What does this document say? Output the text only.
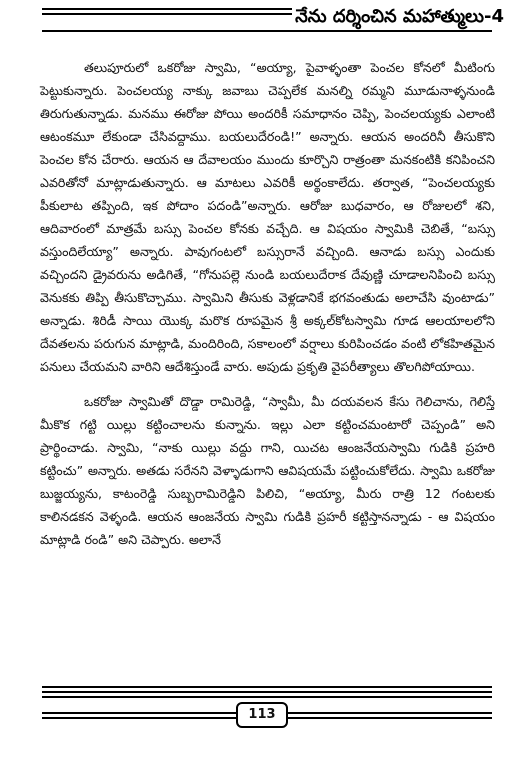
నేను దర్శించిన మహాత్ములు-4

తలుపూరులో ఒకరోజు స్వామి, “అయ్యా, పైవాళ్ళంతా పెంచల కోనలో మీటింగు పెట్టుకున్నారు. పెంచలయ్య నాక్కు జవాబు చెప్పలేక మనల్ని రమ్మని మూడునాళ్ళనుండి తిరుగుతున్నాడు. మనము ఈరోజు పోయి అందరికీ సమాధానం చెప్పి, పెంచలయ్యకు ఎలాంటి ఆటంకమూ లేకుండా చేసివద్దాము. బయలుదేరండి!” అన్నారు. ఆయన అందరినీ తీసుకొని పెంచల కోన చేరారు. ఆయన ఆ దేవాలయం ముందు కూర్చొని రాత్రంతా మనకంటికి కనిపించని ఎవరితోనో మాట్లాడుతున్నారు. ఆ మాటలు ఎవరికీ అర్థంకాలేదు. తర్వాత, “పెంచలయ్యకు పీకులాట తప్పింది, ఇక పోదాం పదండి”అన్నారు. ఆరోజు బుధవారం, ఆ రోజులలో శని, ఆదివారంలో మాత్రమే బస్సు పెంచల కోనకు వచ్చేది. ఆ విషయం స్వామికి చెబితే, “బస్సు వస్తుందిలేయ్యా” అన్నారు. పావుగంటలో బస్సురానే వచ్చింది. ఆనాడు బస్సు ఎందుకు వచ్చిందని డ్రైవరును అడిగితే, “గోనుపల్లె నుండి బయలుదేరాక దేవుణ్ణి చూడాలనిపించి బస్సు వెనుకకు తిప్పి తీసుకొచ్చాము. స్వామిని తీసుకు వెళ్లడానికే భగవంతుడు అలాచేసి వుంటాడు” అన్నాడు. శిరిడీ సాయి యొక్క మరొక రూపమైన శ్రీ అక్కల్‌కోటస్వామి గూడ ఆలయాలలోని దేవతలను పరుగున మాట్లాడి, మందిరింది, సకాలంలో వర్షాలు కురిపించడం వంటి లోకహితమైన పనులు చేయమని వారిని ఆదేశిస్తుండే వారు. అపుడు ప్రకృతి వైపరీత్యాలు తొలగిపోయాయి.

ఒకరోజు స్వామితో దొడ్డా రామిరెడ్డి, “స్వామీ, మీ దయవలన కేసు గెలిచాను, గెలిస్తే మీకొక గట్టి యిల్లు కట్టించాలను కున్నాను. ఇల్లు ఎలా కట్టించమంటారో చెప్పండి” అని ప్రార్థించాడు. స్వామి, “నాకు యిల్లు వద్దు గాని, యిచట ఆంజనేయస్వామి గుడికి ప్రహరి కట్టించు” అన్నారు. అతడు సరేనని వెళ్ళాడుగాని ఆవిషయమే పట్టించుకోలేదు. స్వామి ఒకరోజు బుజ్జయ్యను, కాటంరెడ్డి సుబ్బరామిరెడ్డిని పిలిచి, “అయ్యా, మీరు రాత్రి 12 గంటలకు కాలినడకన వెళ్ళండి. ఆయన ఆంజనేయ స్వామి గుడికి ప్రహరీ కట్టిస్తానన్నాడు - ఆ విషయం మాట్లాడి రండి” అని చెప్పారు. అలానే

113
